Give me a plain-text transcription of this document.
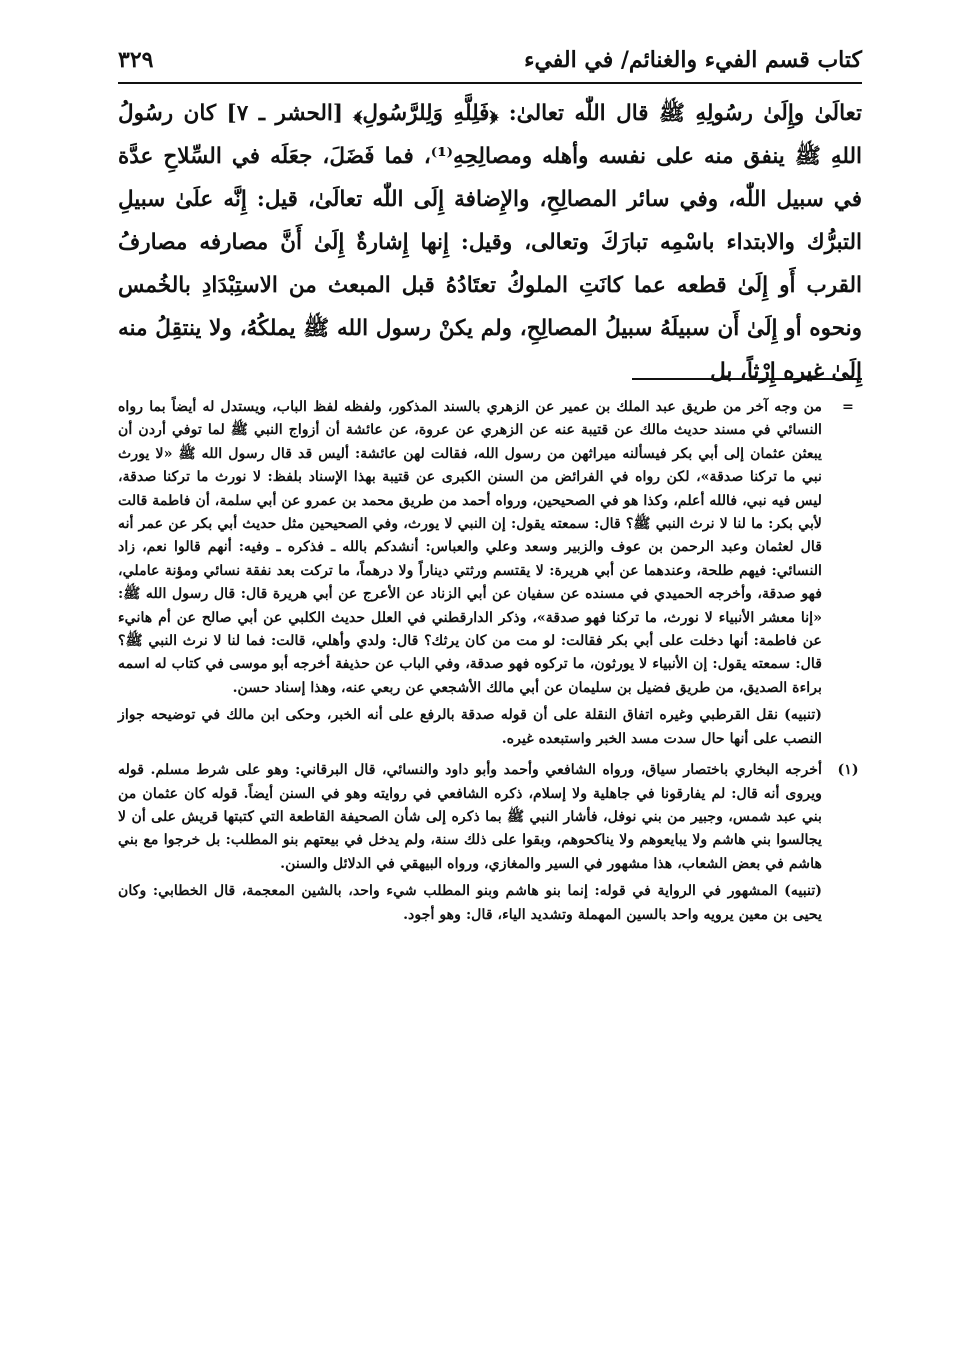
كتاب قسم الفيء والغنائم/ في الفيء
٣٢٩

تعالَىٰ وإِلَىٰ رسُولِهِ ﷺ قال اللّٰه تعالىٰ: ﴿فَلِلَّهِ وَلِلرَّسُولِ﴾ [الحشر ـ ٧] كان رسُولُ اللهِ ﷺ ينفق منه على نفسه وأهله ومصالِحِهِ⁽¹⁾، فما فَضَلَ، جعَلَه في السِّلاحِ عدَّة في سبيل اللّٰه، وفي سائر المصالِحِ، والإِضافة إِلَى اللّٰه تعالَىٰ، قيل: إِنَّه علَىٰ سبيلِ التبرُّك والابتداء باسْمِه تبارَكَ وتعالى، وقيل: إِنها إِشارةٌ إِلَىٰ أَنَّ مصارفه مصارفُ القرب أَو إِلَىٰ قطعه عما كانَتِ الملوكُ تعتَادُهُ قبل المبعث من الاستِبْدَادِ بالخُمس ونحوه أو إِلَىٰ أَن سبيلَهُ سبيلُ المصالِحِ، ولم يكنْ رسول الله ﷺ يملكُهُ، ولا ينتقِلُ منه إِلَىٰ غيره إِرْثاً، بل

=

من وجه آخر من طريق عبد الملك بن عمير عن الزهري بالسند المذكور، ولفظه لفظ الباب، ويستدل له أيضاً بما رواه النسائي في مسند حديث مالك عن قتيبة عنه عن الزهري عن عروة، عن عائشة أن أزواج النبي ﷺ لما توفي أردن أن يبعثن عثمان إلى أبي بكر فيسألنه ميراثهن من رسول الله، فقالت لهن عائشة: أليس قد قال رسول الله ﷺ «لا يورث نبي ما تركنا صدقة»، لكن رواه في الفرائض من السنن الكبرى عن قتيبة بهذا الإسناد بلفظ: لا نورث ما تركنا صدقة، ليس فيه نبي، فالله أعلم، وكذا هو في الصحيحين، ورواه أحمد من طريق محمد بن عمرو عن أبي سلمة، أن فاطمة قالت لأبي بكر: ما لنا لا نرث النبي ﷺ؟ قال: سمعته يقول: إن النبي لا يورث، وفي الصحيحين مثل حديث أبي بكر عن عمر أنه قال لعثمان وعبد الرحمن بن عوف والزبير وسعد وعلي والعباس: أنشدكم بالله ـ فذكره ـ وفيه: أنهم قالوا نعم، زاد النسائي: فيهم طلحة، وعندهما عن أبي هريرة: لا يقتسم ورثتي ديناراً ولا درهماً، ما تركت بعد نفقة نسائي ومؤنة عاملي، فهو صدقة، وأخرجه الحميدي في مسنده عن سفيان عن أبي الزناد عن الأعرج عن أبي هريرة قال: قال رسول الله ﷺ: «إنا معشر الأنبياء لا نورث، ما تركنا فهو صدقة»، وذكر الدارقطني في العلل حديث الكلبي عن أبي صالح عن أم هانيء عن فاطمة: أنها دخلت على أبي بكر فقالت: لو مت من كان يرثك؟ قال: ولدي وأهلي، قالت: فما لنا لا نرث النبي ﷺ؟ قال: سمعته يقول: إن الأنبياء لا يورثون، ما تركوه فهو صدقة، وفي الباب عن حذيفة أخرجه أبو موسى في كتاب له اسمه براءة الصديق، من طريق فضيل بن سليمان عن أبي مالك الأشجعي عن ربعي عنه، وهذا إسناد حسن.

(تنبيه) نقل القرطبي وغيره اتفاق النقلة على أن قوله صدقة بالرفع على أنه الخبر، وحكى ابن مالك في توضيحه جواز النصب على أنها حال سدت مسد الخبر واستبعده غيره.

(١)

أخرجه البخاري باختصار سياق، ورواه الشافعي وأحمد وأبو داود والنسائي، قال البرقاني: وهو على شرط مسلم. قوله ويروى أنه قال: لم يفارقونا في جاهلية ولا إسلام، ذكره الشافعي في روايته وهو في السنن أيضاً. قوله كان عثمان من بني عبد شمس، وجبير من بني نوفل، فأشار النبي ﷺ بما ذكره إلى شأن الصحيفة القاطعة التي كتبتها قريش على أن لا يجالسوا بني هاشم ولا يبايعوهم ولا يناكحوهم، وبقوا على ذلك سنة، ولم يدخل في بيعتهم بنو المطلب: بل خرجوا مع بني هاشم في بعض الشعاب، هذا مشهور في السير والمغازي، ورواه البيهقي في الدلائل والسنن.

(تنبيه) المشهور في الرواية في قوله: إنما بنو هاشم وبنو المطلب شيء واحد، بالشين المعجمة، قال الخطابي: وكان يحيى بن معين يرويه واحد بالسين المهملة وتشديد الياء، قال: وهو أجود.
